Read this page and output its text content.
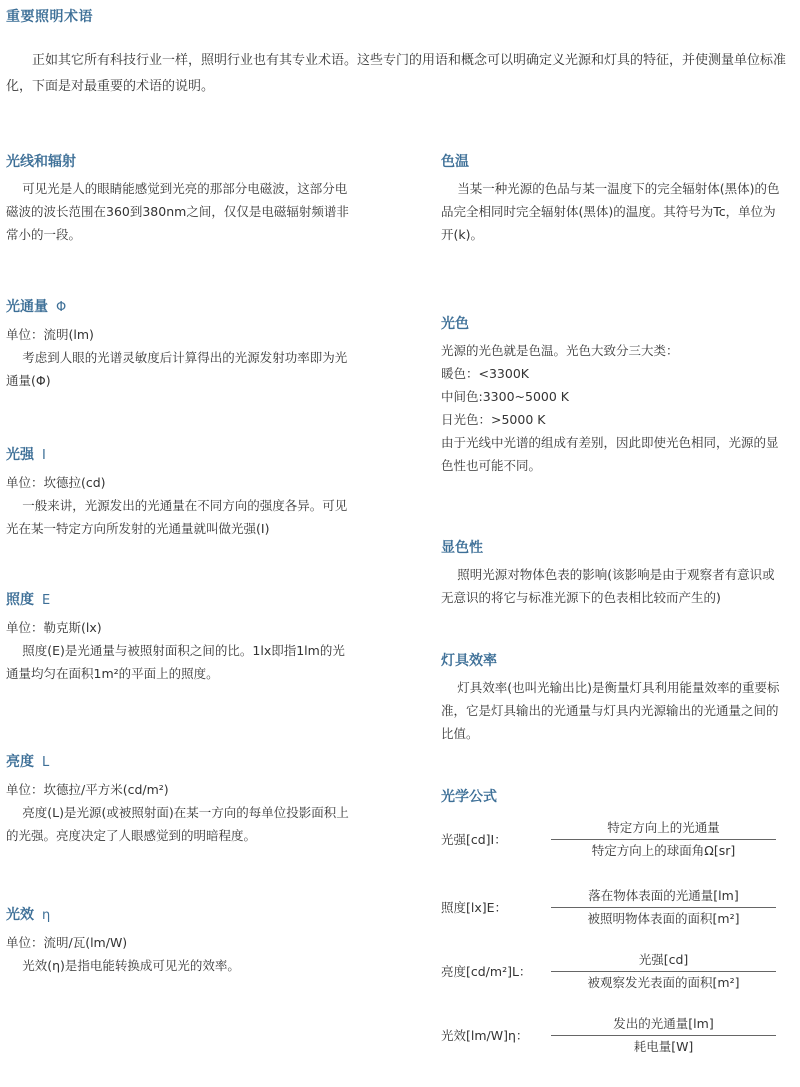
重要照明术语

正如其它所有科技行业一样，照明行业也有其专业术语。这些专门的用语和概念可以明确定义光源和灯具的特征，并使测量单位标准化，下面是对最重要的术语的说明。

光线和辐射

可见光是人的眼睛能感觉到光亮的那部分电磁波，这部分电磁波的波长范围在360到380nm之间，仅仅是电磁辐射频谱非常小的一段。

光通量 Φ

单位：流明(lm)

考虑到人眼的光谱灵敏度后计算得出的光源发射功率即为光通量(Φ)

光强 I

单位：坎德拉(cd)

一般来讲，光源发出的光通量在不同方向的强度各异。可见光在某一特定方向所发射的光通量就叫做光强(I)

照度 E

单位：勒克斯(lx)

照度(E)是光通量与被照射面积之间的比。1lx即指1lm的光通量均匀在面积1m²的平面上的照度。

亮度 L

单位：坎德拉/平方米(cd/m²)

亮度(L)是光源(或被照射面)在某一方向的每单位投影面积上的光强。亮度决定了人眼感觉到的明暗程度。

光效 η

单位：流明/瓦(lm/W)

光效(η)是指电能转换成可见光的效率。

色温

当某一种光源的色品与某一温度下的完全辐射体(黑体)的色品完全相同时完全辐射体(黑体)的温度。其符号为Tc，单位为开(k)。

光色

光源的光色就是色温。光色大致分三大类：

暖色：<3300K

中间色:3300~5000 K

日光色：>5000 K

由于光线中光谱的组成有差别，因此即使光色相同，光源的显色性也可能不同。

显色性

照明光源对物体色表的影响(该影响是由于观察者有意识或无意识的将它与标准光源下的色表相比较而产生的)

灯具效率

灯具效率(也叫光输出比)是衡量灯具利用能量效率的重要标准，它是灯具输出的光通量与灯具内光源输出的光通量之间的比值。

光学公式
光强[cd]I：
特定方向上的光通量
特定方向上的球面角Ω[sr]
照度[lx]E：
落在物体表面的光通量[lm]
被照明物体表面的面积[m²]
亮度[cd/m²]L：
光强[cd]
被观察发光表面的面积[m²]
光效[lm/W]η：
发出的光通量[lm]
耗电量[W]
